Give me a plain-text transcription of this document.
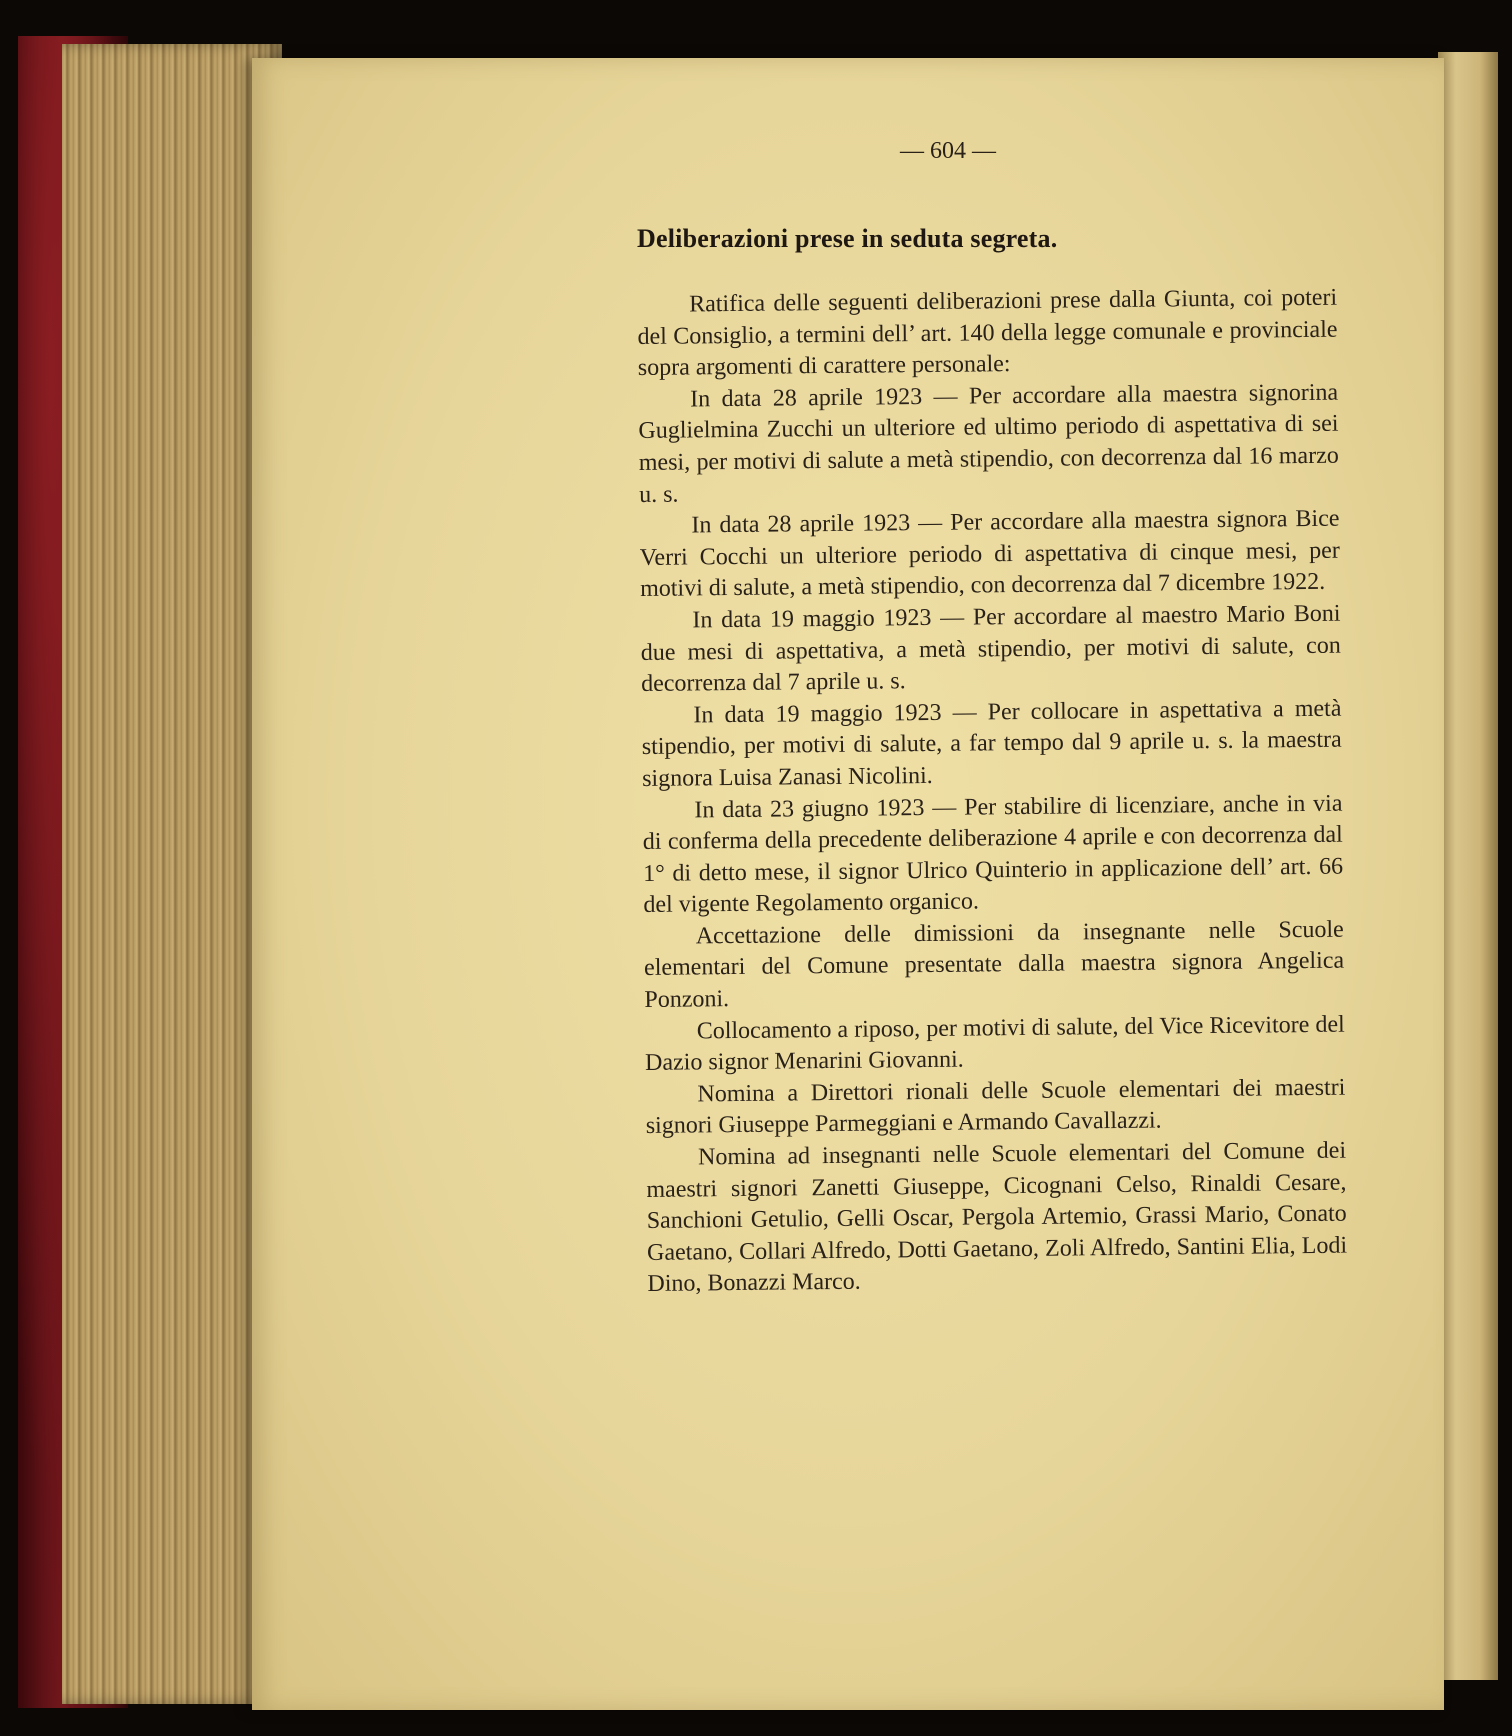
— 604 —
Deliberazioni prese in seduta segreta.

Ratifica delle seguenti deliberazioni prese dalla Giunta, coi poteri del Consiglio, a termini dell’ art. 140 della legge comunale e provinciale sopra argomenti di carattere personale:

In data 28 aprile 1923 — Per accordare alla maestra signorina Guglielmina Zucchi un ulteriore ed ultimo periodo di aspettativa di sei mesi, per motivi di salute a metà stipendio, con decorrenza dal 16 marzo u. s.

In data 28 aprile 1923 — Per accordare alla maestra signora Bice Verri Cocchi un ulteriore periodo di aspettativa di cinque mesi, per motivi di salute, a metà stipendio, con decorrenza dal 7 dicembre 1922.

In data 19 maggio 1923 — Per accordare al maestro Mario Boni due mesi di aspettativa, a metà stipendio, per motivi di salute, con decorrenza dal 7 aprile u. s.

In data 19 maggio 1923 — Per collocare in aspettativa a metà stipendio, per motivi di salute, a far tempo dal 9 aprile u. s. la maestra signora Luisa Zanasi Nicolini.

In data 23 giugno 1923 — Per stabilire di licenziare, anche in via di conferma della precedente deliberazione 4 aprile e con decorrenza dal 1° di detto mese, il signor Ulrico Quinterio in applicazione dell’ art. 66 del vigente Regolamento organico.

Accettazione delle dimissioni da insegnante nelle Scuole elementari del Comune presentate dalla maestra signora Angelica Ponzoni.

Collocamento a riposo, per motivi di salute, del Vice Ricevitore del Dazio signor Menarini Giovanni.

Nomina a Direttori rionali delle Scuole elementari dei maestri signori Giuseppe Parmeggiani e Armando Cavallazzi.

Nomina ad insegnanti nelle Scuole elementari del Comune dei maestri signori Zanetti Giuseppe, Cicognani Celso, Rinaldi Cesare, Sanchioni Getulio, Gelli Oscar, Pergola Artemio, Grassi Mario, Conato Gaetano, Collari Alfredo, Dotti Gaetano, Zoli Alfredo, Santini Elia, Lodi Dino, Bonazzi Marco.
